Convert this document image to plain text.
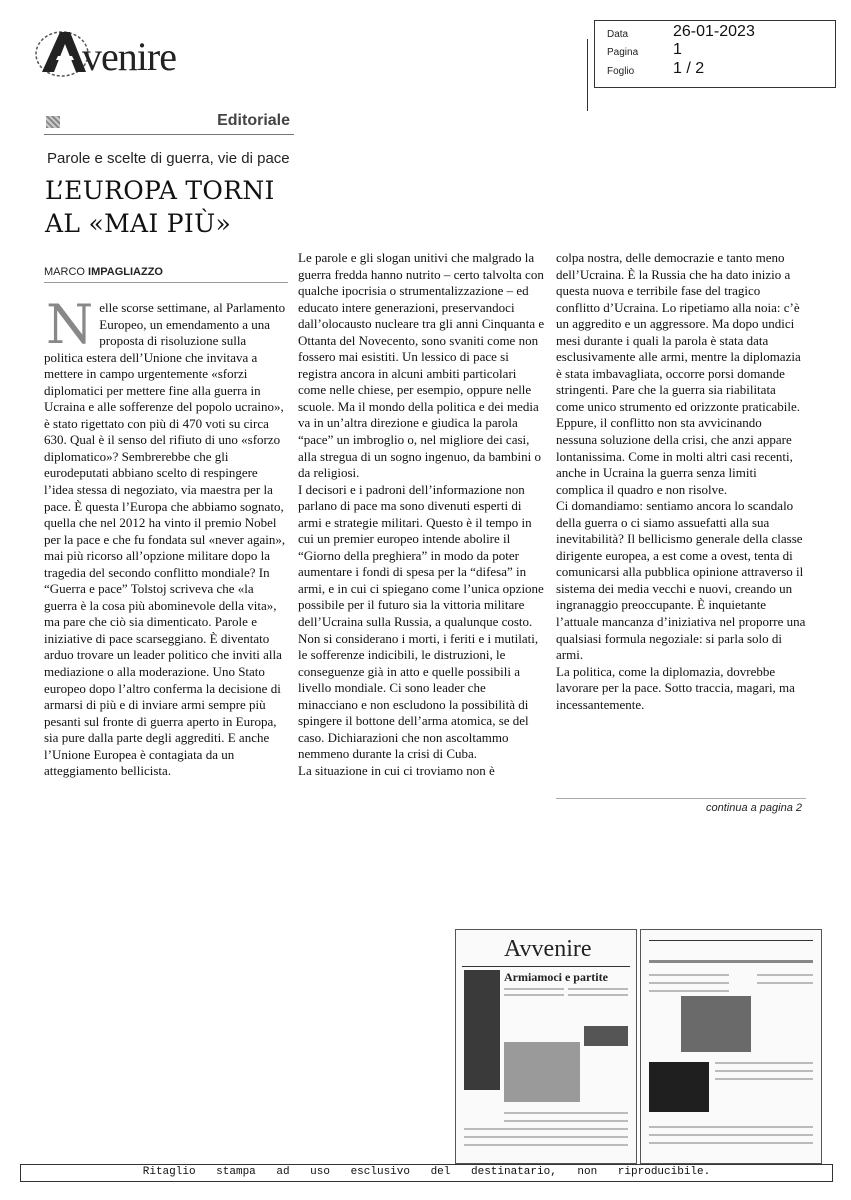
venire	Data	26-01-2023
Pagina 1
Foglio 1 / 2
Editoriale
Parole e scelte di guerra, vie di pace
L’EUROPA TORNI
AL «MAI PIÙ»
MARCO IMPAGLIAZZO

Nelle scorse settimane, al Parlamento Europeo, un emendamento a una proposta di risoluzione sulla politica estera dell’Unione che invitava a mettere in campo urgentemente «sforzi diplomatici per mettere fine alla guerra in Ucraina e alle sofferenze del popolo ucraino», è stato rigettato con più di 470 voti su circa 630. Qual è il senso del rifiuto di uno «sforzo diplomatico»? Sembrerebbe che gli eurodeputati abbiano scelto di respingere l’idea stessa di negoziato, via maestra per la pace. È questa l’Europa che abbiamo sognato, quella che nel 2012 ha vinto il premio Nobel per la pace e che fu fondata sul «never again», mai più ricorso all’opzione militare dopo la tragedia del secondo conflitto mondiale? In “Guerra e pace” Tolstoj scriveva che «la guerra è la cosa più abominevole della vita», ma pare che ciò sia dimenticato. Parole e iniziative di pace scarseggiano. È diventato arduo trovare un leader politico che inviti alla mediazione o alla moderazione. Uno Stato europeo dopo l’altro conferma la decisione di armarsi di più e di inviare armi sempre più pesanti sul fronte di guerra aperto in Europa, sia pure dalla parte degli aggrediti. E anche l’Unione Europea è contagiata da un atteggiamento bellicista.

Le parole e gli slogan unitivi che malgrado la guerra fredda hanno nutrito – certo talvolta con qualche ipocrisia o strumentalizzazione – ed educato intere generazioni, preservandoci dall’olocausto nucleare tra gli anni Cinquanta e Ottanta del Novecento, sono svaniti come non fossero mai esistiti. Un lessico di pace si registra ancora in alcuni ambiti particolari come nelle chiese, per esempio, oppure nelle scuole. Ma il mondo della politica e dei media va in un’altra direzione e giudica la parola “pace” un imbroglio o, nel migliore dei casi, alla stregua di un sogno ingenuo, da bambini o da religiosi.

I decisori e i padroni dell’informazione non parlano di pace ma sono divenuti esperti di armi e strategie militari. Questo è il tempo in cui un premier europeo intende abolire il “Giorno della preghiera” in modo da poter aumentare i fondi di spesa per la “difesa” in armi, e in cui ci spiegano come l’unica opzione possibile per il futuro sia la vittoria militare dell’Ucraina sulla Russia, a qualunque costo. Non si considerano i morti, i feriti e i mutilati, le sofferenze indicibili, le distruzioni, le conseguenze già in atto e quelle possibili a livello mondiale. Ci sono leader che minacciano e non escludono la possibilità di spingere il bottone dell’arma atomica, se del caso. Dichiarazioni che non ascoltammo nemmeno durante la crisi di Cuba.

La situazione in cui ci troviamo non è

colpa nostra, delle democrazie e tanto meno dell’Ucraina. È la Russia che ha dato inizio a questa nuova e terribile fase del tragico conflitto d’Ucraina. Lo ripetiamo alla noia: c’è un aggredito e un aggressore. Ma dopo undici mesi durante i quali la parola è stata data esclusivamente alle armi, mentre la diplomazia è stata imbavagliata, occorre porsi domande stringenti. Pare che la guerra sia riabilitata come unico strumento ed orizzonte praticabile.

Eppure, il conflitto non sta avvicinando nessuna soluzione della crisi, che anzi appare lontanissima. Come in molti altri casi recenti, anche in Ucraina la guerra senza limiti complica il quadro e non risolve.

Ci domandiamo: sentiamo ancora lo scandalo della guerra o ci siamo assuefatti alla sua inevitabilità? Il bellicismo generale della classe dirigente europea, a est come a ovest, tenta di comunicarsi alla pubblica opinione attraverso il sistema dei media vecchi e nuovi, creando un ingranaggio preoccupante. È inquietante l’attuale mancanza d’iniziativa nel proporre una qualsiasi formula negoziale: si parla solo di armi.

La politica, come la diplomazia, dovrebbe lavorare per la pace. Sotto traccia, magari, ma incessantemente.

continua a pagina 2
Avvenire
Armiamoci e partite
Ritaglio stampa ad uso esclusivo del destinatario, non riproducibile.
